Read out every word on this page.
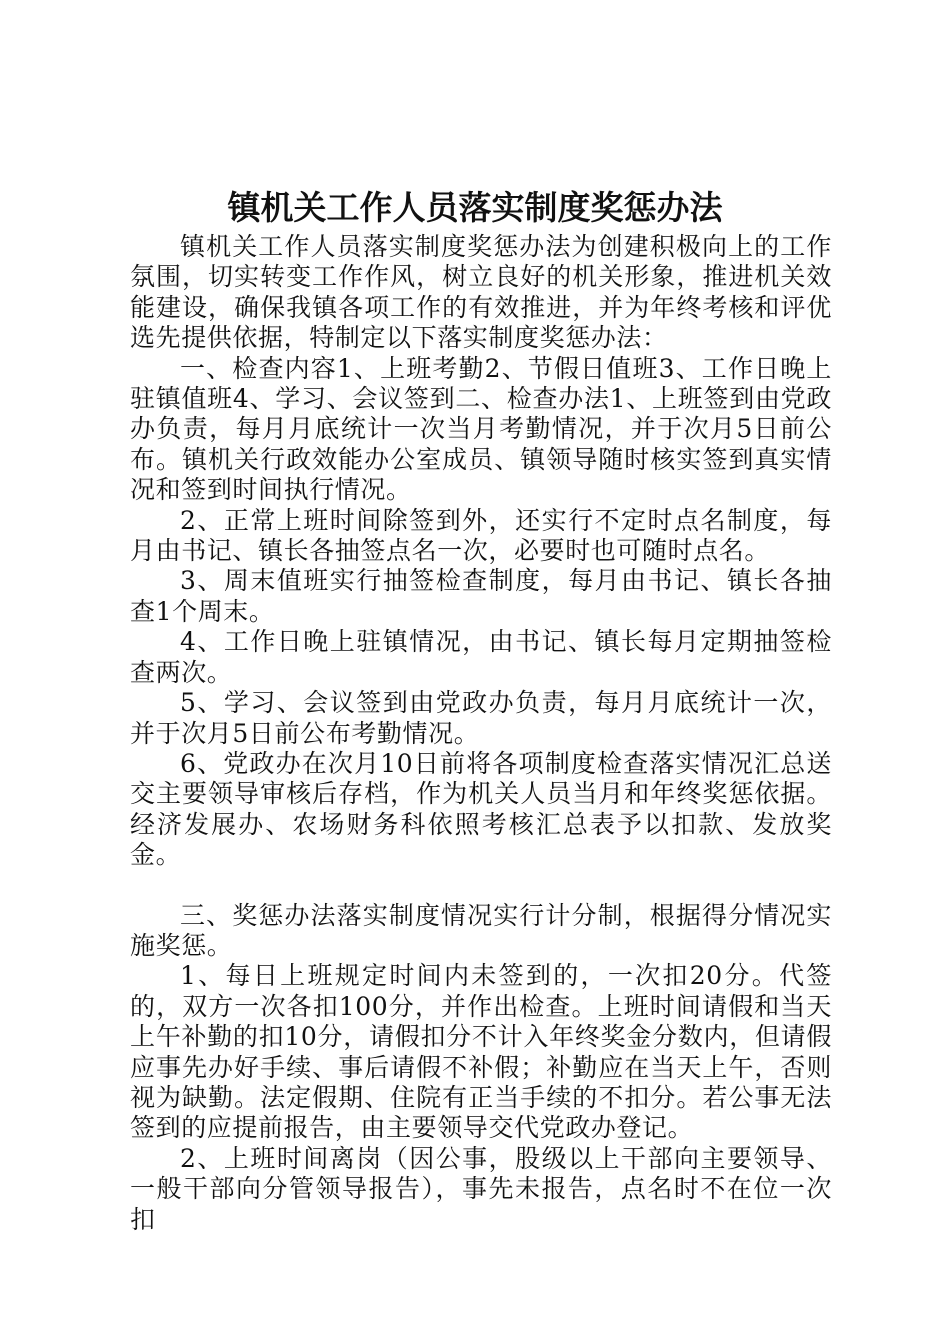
镇机关工作人员落实制度奖惩办法

镇机关工作人员落实制度奖惩办法为创建积极向上的工作氛围，切实转变工作作风，树立良好的机关形象，推进机关效能建设，确保我镇各项工作的有效推进，并为年终考核和评优选先提供依据，特制定以下落实制度奖惩办法：

一、检查内容1、上班考勤2、节假日值班3、工作日晚上驻镇值班4、学习、会议签到二、检查办法1、上班签到由党政办负责，每月月底统计一次当月考勤情况，并于次月5日前公布。镇机关行政效能办公室成员、镇领导随时核实签到真实情况和签到时间执行情况。

2、正常上班时间除签到外，还实行不定时点名制度，每月由书记、镇长各抽签点名一次，必要时也可随时点名。

3、周末值班实行抽签检查制度，每月由书记、镇长各抽查1个周末。

4、工作日晚上驻镇情况，由书记、镇长每月定期抽签检查两次。

5、学习、会议签到由党政办负责，每月月底统计一次，并于次月5日前公布考勤情况。

6、党政办在次月10日前将各项制度检查落实情况汇总送交主要领导审核后存档，作为机关人员当月和年终奖惩依据。经济发展办、农场财务科依照考核汇总表予以扣款、发放奖金。

三、奖惩办法落实制度情况实行计分制，根据得分情况实施奖惩。

1、每日上班规定时间内未签到的，一次扣20分。代签的，双方一次各扣100分，并作出检查。上班时间请假和当天上午补勤的扣10分，请假扣分不计入年终奖金分数内，但请假应事先办好手续、事后请假不补假；补勤应在当天上午，否则视为缺勤。法定假期、住院有正当手续的不扣分。若公事无法签到的应提前报告，由主要领导交代党政办登记。

2、上班时间离岗（因公事，股级以上干部向主要领导、一般干部向分管领导报告），事先未报告，点名时不在位一次扣
